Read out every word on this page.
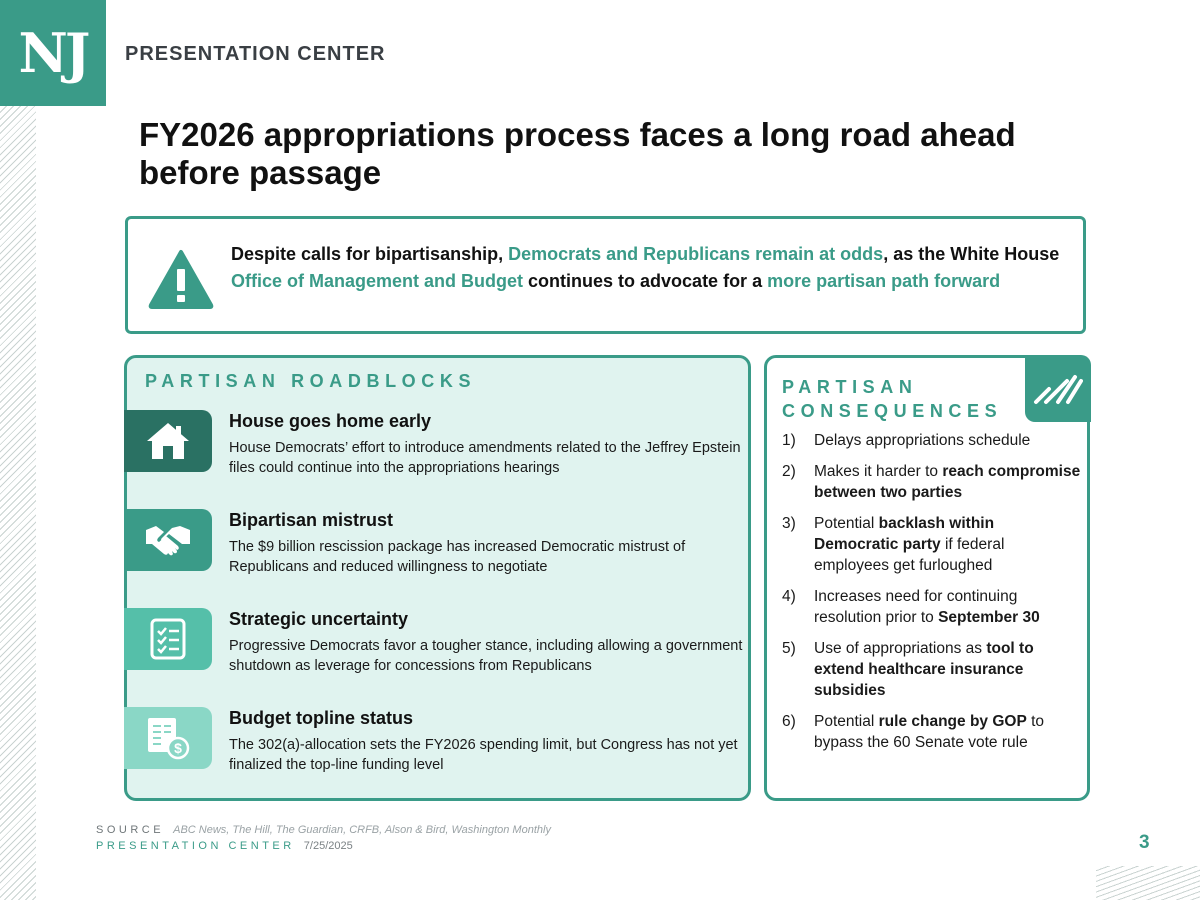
NJ PRESENTATION CENTER
FY2026 appropriations process faces a long road ahead before passage
Despite calls for bipartisanship, Democrats and Republicans remain at odds, as the White House Office of Management and Budget continues to advocate for a more partisan path forward
PARTISAN ROADBLOCKS
House goes home early
House Democrats’ effort to introduce amendments related to the Jeffrey Epstein files could continue into the appropriations hearings
Bipartisan mistrust
The $9 billion rescission package has increased Democratic mistrust of Republicans and reduced willingness to negotiate
Strategic uncertainty
Progressive Democrats favor a tougher stance, including allowing a government shutdown as leverage for concessions from Republicans
$
Budget topline status
The 302(a)-allocation sets the FY2026 spending limit, but Congress has not yet finalized the top-line funding level
PARTISAN CONSEQUENCES
1) Delays appropriations schedule
2) Makes it harder to reach compromise between two parties
3) Potential backlash within Democratic party if federal employees get furloughed
4) Increases need for continuing resolution prior to September 30
5) Use of appropriations as tool to extend healthcare insurance subsidies
6) Potential rule change by GOP to bypass the 60 Senate vote rule
SOURCE ABC News, The Hill, The Guardian, CRFB, Alson & Bird, Washington Monthly
PRESENTATION CENTER 7/25/2025	3
